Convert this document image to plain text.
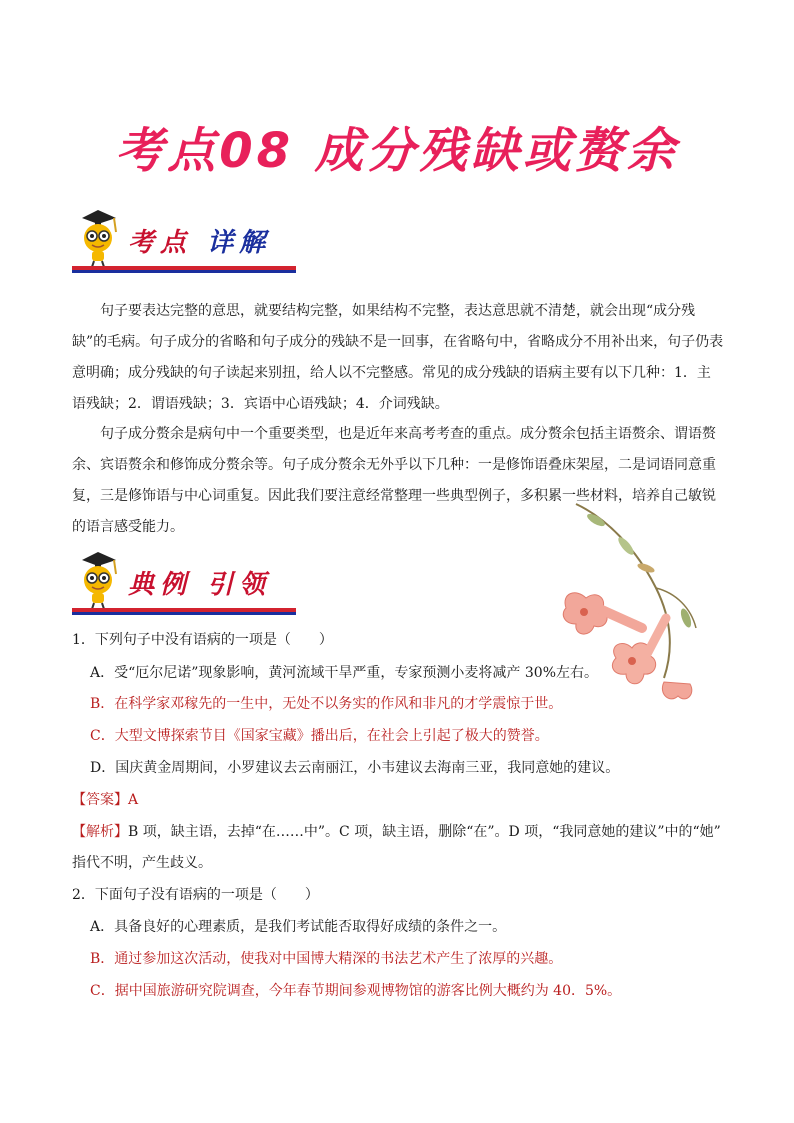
考点08 成分残缺或赘余
考点 详解

句子要表达完整的意思，就要结构完整，如果结构不完整，表达意思就不清楚，就会出现“成分残缺”的毛病。句子成分的省略和句子成分的残缺不是一回事，在省略句中，省略成分不用补出来，句子仍表意明确；成分残缺的句子读起来别扭，给人以不完整感。常见的成分残缺的语病主要有以下几种：1．主语残缺；2．谓语残缺；3．宾语中心语残缺；4．介词残缺。

句子成分赘余是病句中一个重要类型，也是近年来高考考查的重点。成分赘余包括主语赘余、谓语赘余、宾语赘余和修饰成分赘余等。句子成分赘余无外乎以下几种：一是修饰语叠床架屋，二是词语同意重复，三是修饰语与中心词重复。因此我们要注意经常整理一些典型例子，多积累一些材料，培养自己敏锐的语言感受能力。

典例 引领
1．下列句子中没有语病的一项是（　　）
A．受“厄尔尼诺”现象影响，黄河流域干旱严重，专家预测小麦将减产 30%左右。
B．在科学家邓稼先的一生中，无处不以务实的作风和非凡的才学震惊于世。
C．大型文博探索节目《国家宝藏》播出后，在社会上引起了极大的赞誉。
D．国庆黄金周期间，小罗建议去云南丽江，小韦建议去海南三亚，我同意她的建议。
【答案】A
【解析】B 项，缺主语，去掉“在……中”。C 项，缺主语，删除“在”。D 项，“我同意她的建议”中的“她”
指代不明，产生歧义。
2．下面句子没有语病的一项是（　　）
A．具备良好的心理素质，是我们考试能否取得好成绩的条件之一。
B．通过参加这次活动，使我对中国博大精深的书法艺术产生了浓厚的兴趣。
C．据中国旅游研究院调查，今年春节期间参观博物馆的游客比例大概约为 40．5%。
